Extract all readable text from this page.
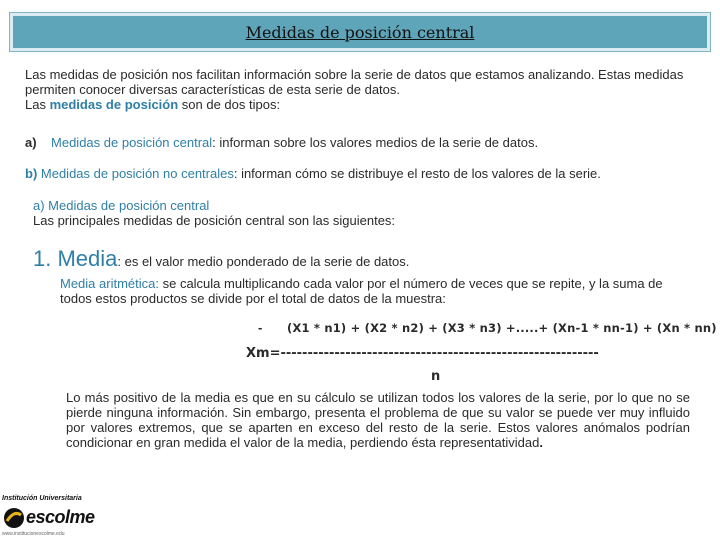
Medidas de posición central
Las medidas de posición nos facilitan información sobre la serie de datos que estamos analizando. Estas medidas permiten conocer diversas características de esta serie de datos.
Las medidas de posición son de dos tipos:
a) Medidas de posición central: informan sobre los valores medios de la serie de datos.
b) Medidas de posición no centrales: informan cómo se distribuye el resto de los valores de la serie.
a) Medidas de posición central
Las principales medidas de posición central son las siguientes:
1. Media: es el valor medio ponderado de la serie de datos.
Media aritmética: se calcula multiplicando cada valor por el número de veces que se repite, y la suma de todos estos productos se divide por el total de datos de la muestra:
- (X1 * n1) + (X2 * n2) + (X3 * n3) +.....+ (Xn-1 * nn-1) + (Xn * nn)
Xm=-----------------------------------------------------------
n
Lo más positivo de la media es que en su cálculo se utilizan todos los valores de la serie, por lo que no se pierde ninguna información. Sin embargo, presenta el problema de que su valor se puede ver muy influido por valores extremos, que se aparten en exceso del resto de la serie. Estos valores anómalos podrían condicionar en gran medida el valor de la media, perdiendo ésta representatividad.
Institución Universitaria
escolme
www.institucionescolme.edu
